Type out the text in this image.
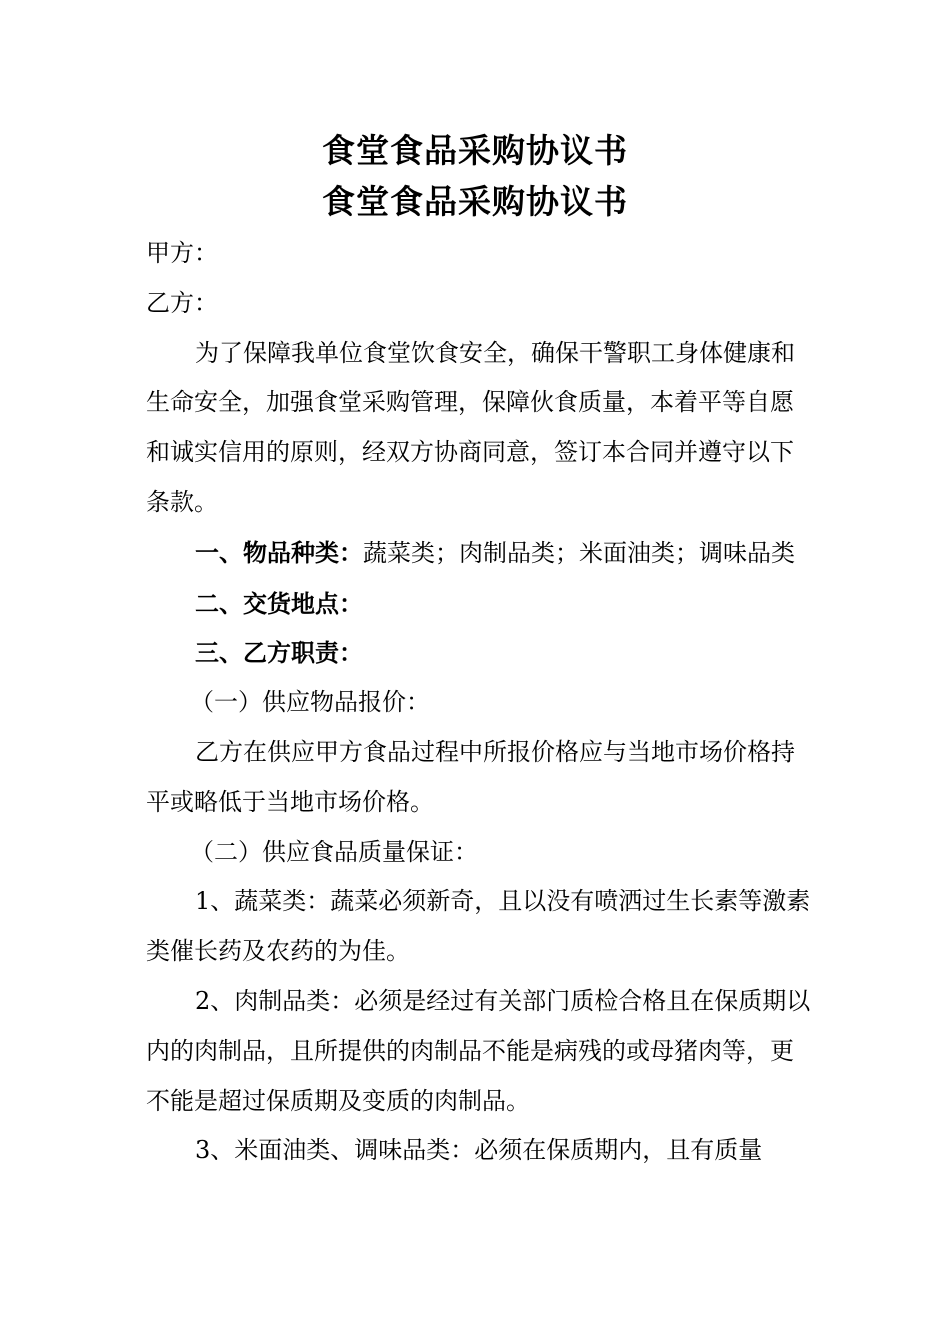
食堂食品采购协议书
食堂食品采购协议书

甲方：

乙方：

为了保障我单位食堂饮食安全，确保干警职工身体健康和生命安全，加强食堂采购管理，保障伙食质量，本着平等自愿和诚实信用的原则，经双方协商同意，签订本合同并遵守以下条款。

一、物品种类：蔬菜类；肉制品类；米面油类；调味品类

二、交货地点：

三、乙方职责：

（一）供应物品报价：

乙方在供应甲方食品过程中所报价格应与当地市场价格持平或略低于当地市场价格。

（二）供应食品质量保证：

1、蔬菜类：蔬菜必须新奇，且以没有喷洒过生长素等激素类催长药及农药的为佳。

2、肉制品类：必须是经过有关部门质检合格且在保质期以内的肉制品，且所提供的肉制品不能是病残的或母猪肉等，更不能是超过保质期及变质的肉制品。

3、米面油类、调味品类：必须在保质期内，且有质量
